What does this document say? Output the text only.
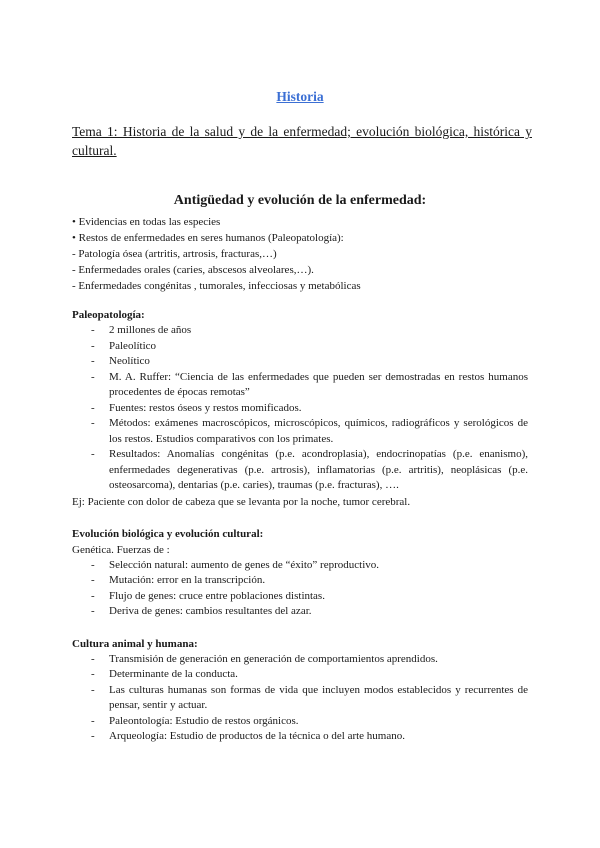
Historia
Tema 1: Historia de la salud y de la enfermedad; evolución biológica, histórica y cultural.
Antigüedad y evolución de la enfermedad:
• Evidencias en todas las especies
• Restos de enfermedades en seres humanos (Paleopatología):
- Patología ósea (artritis, artrosis, fracturas,…)
- Enfermedades orales (caries, abscesos alveolares,…).
- Enfermedades congénitas , tumorales, infecciosas y metabólicas
Paleopatología:
- 2 millones de años
- Paleolítico
- Neolítico
- M. A. Ruffer: “Ciencia de las enfermedades que pueden ser demostradas en restos humanos procedentes de épocas remotas”
- Fuentes: restos óseos y restos momificados.
- Métodos: exámenes macroscópicos, microscópicos, químicos, radiográficos y serológicos de los restos. Estudios comparativos con los primates.
- Resultados: Anomalías congénitas (p.e. acondroplasia), endocrinopatías (p.e. enanismo), enfermedades degenerativas (p.e. artrosis), inflamatorias (p.e. artritis), neoplásicas (p.e. osteosarcoma), dentarias (p.e. caries), traumas (p.e. fracturas), ….
Ej: Paciente con dolor de cabeza que se levanta por la noche, tumor cerebral.
Evolución biológica y evolución cultural:
Genética. Fuerzas de :
- Selección natural: aumento de genes de “éxito” reproductivo.
- Mutación: error en la transcripción.
- Flujo de genes: cruce entre poblaciones distintas.
- Deriva de genes: cambios resultantes del azar.
Cultura animal y humana:
- Transmisión de generación en generación de comportamientos aprendidos.
- Determinante de la conducta.
- Las culturas humanas son formas de vida que incluyen modos establecidos y recurrentes de pensar, sentir y actuar.
- Paleontología: Estudio de restos orgánicos.
- Arqueología: Estudio de productos de la técnica o del arte humano.
